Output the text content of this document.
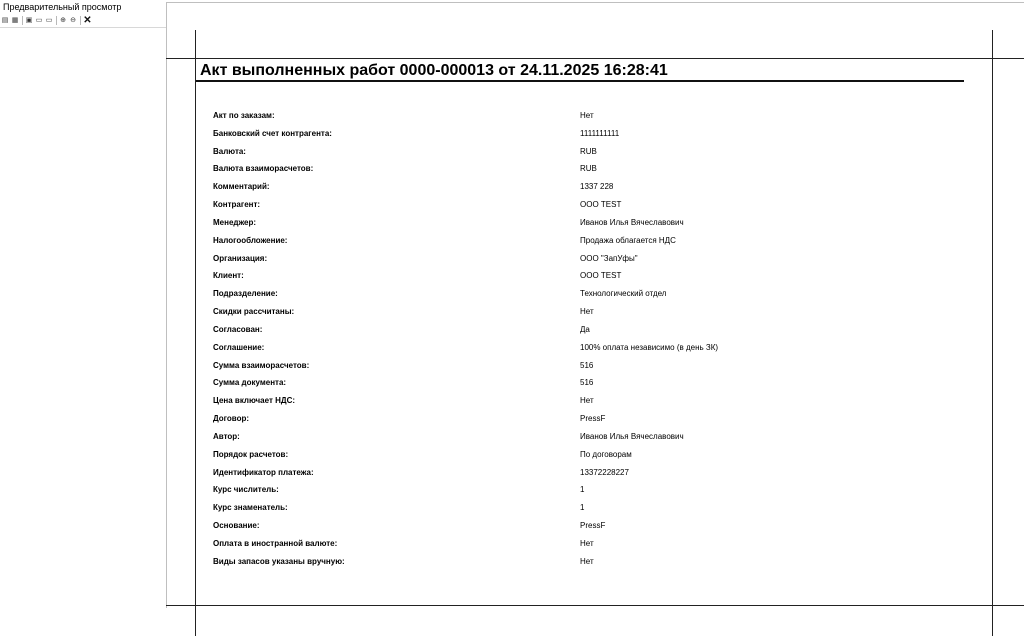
Предварительный просмотр
▤ ▦ ▣ ▭ ▭ ⊕ ⊖ ✕
Акт выполненных работ 0000-000013 от 24.11.2025 16:28:41
Акт по заказам:	Нет
Банковский счет контрагента:	1111111111
Валюта:	RUB
Валюта взаиморасчетов:	RUB
Комментарий:	1337 228
Контрагент:	ООО TEST
Менеджер:	Иванов Илья Вячеславович
Налогообложение:	Продажа облагается НДС
Организация:	ООО "ЗапУфы"
Клиент:	ООО TEST
Подразделение:	Технологический отдел
Скидки рассчитаны:	Нет
Согласован:	Да
Соглашение:	100% оплата независимо (в день ЗК)
Сумма взаиморасчетов:	516
Сумма документа:	516
Цена включает НДС:	Нет
Договор:	PressF
Автор:	Иванов Илья Вячеславович
Порядок расчетов:	По договорам
Идентификатор платежа:	13372228227
Курс числитель:	1
Курс знаменатель:	1
Основание:	PressF
Оплата в иностранной валюте:	Нет
Виды запасов указаны вручную:	Нет
